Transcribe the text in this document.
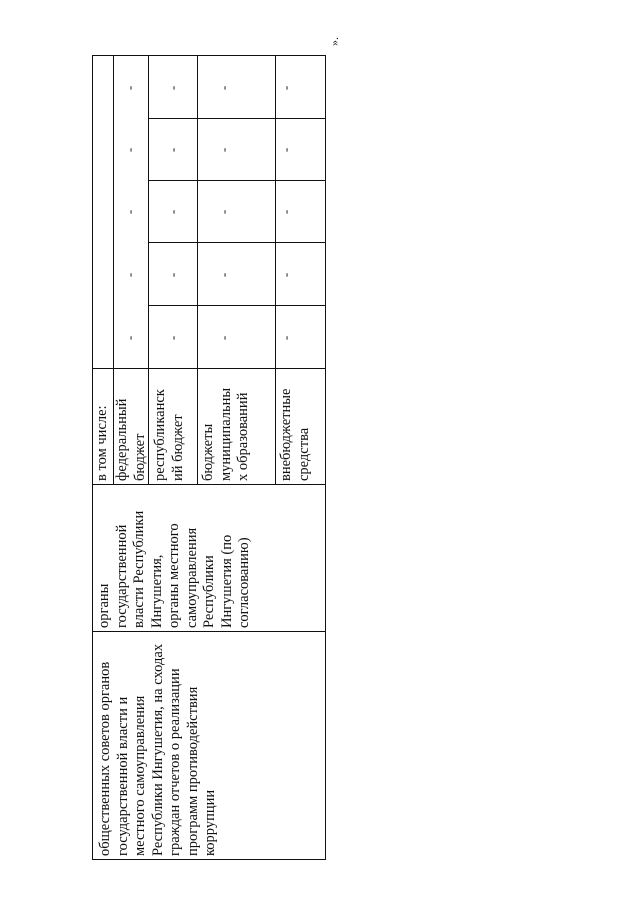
общественных советов органов государственной власти и местного самоуправления Республики Ингушетия, на сходах граждан отчетов о реализации программ противодействия коррупции
органы государственной власти Республики Ингушетия, органы местного самоуправления Республики Ингушетия (по согласованию)
в том числе: федеральный бюджет республиканск ий бюджет бюджеты муниципальны х образований внебюджетные средства
-
-
-
-
-
-
-
-
-
-
-
-
-
-
-
-
-
-
-
-
».
